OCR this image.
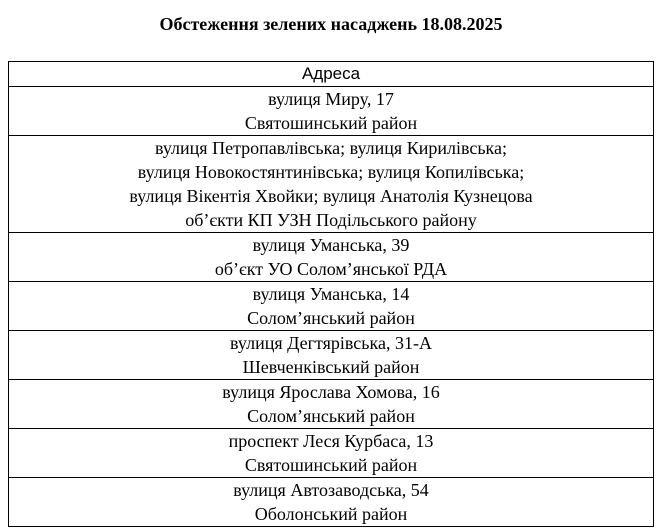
Обстеження зелених насаджень 18.08.2025
Адреса

вулиця Миру, 17
Святошинський район

вулиця Петропавлівська; вулиця Кирилівська;
вулиця Новокостянтинівська; вулиця Копилівська;
вулиця Вікентія Хвойки; вулиця Анатолія Кузнецова
об’єкти КП УЗН Подільського району

вулиця Уманська, 39
об’єкт УО Солом’янської РДА

вулиця Уманська, 14
Солом’янський район

вулиця Дегтярівська, 31-А
Шевченківський район

вулиця Ярослава Хомова, 16
Солом’янський район

проспект Леся Курбаса, 13
Святошинський район

вулиця Автозаводська, 54
Оболонський район
